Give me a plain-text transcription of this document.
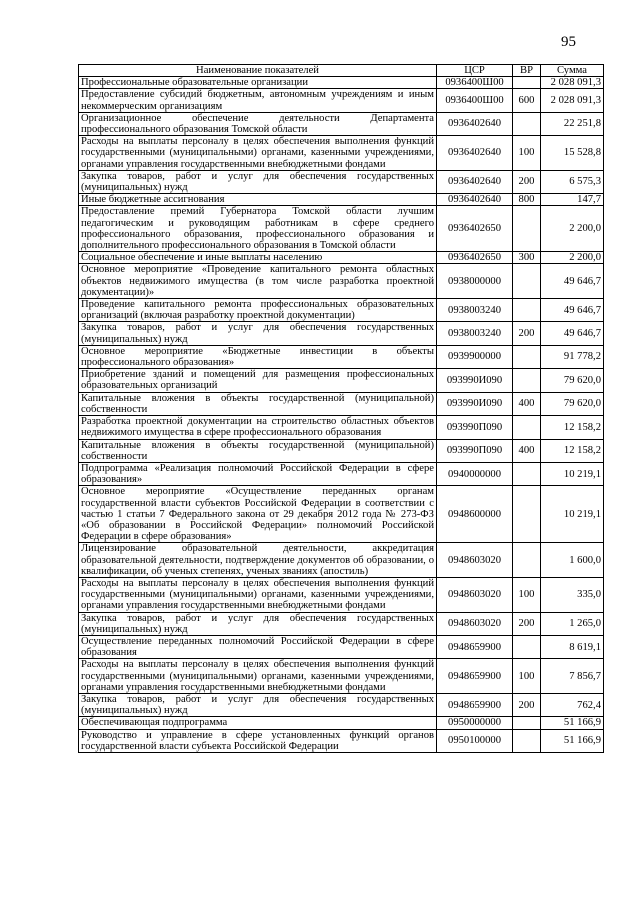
95
Наименование показателей	ЦСР	ВР	Сумма
Профессиональные образовательные организации	0936400Ш00		2 028 091,3
Предоставление субсидий бюджетным, автономным учреждениям и иным некоммерческим организациям	0936400Ш00	600	2 028 091,3
Организационное обеспечение деятельности Департамента профессионального образования Томской области	0936402640		22 251,8
Расходы на выплаты персоналу в целях обеспечения выполнения функций государственными (муниципальными) органами, казенными учреждениями, органами управления государственными внебюджетными фондами	0936402640	100	15 528,8
Закупка товаров, работ и услуг для обеспечения государственных (муниципальных) нужд	0936402640	200	6 575,3
Иные бюджетные ассигнования	0936402640	800	147,7
Предоставление премий Губернатора Томской области лучшим педагогическим и руководящим работникам в сфере среднего профессионального образования, профессионального образования и дополнительного профессионального образования в Томской области	0936402650		2 200,0
Социальное обеспечение и иные выплаты населению	0936402650	300	2 200,0
Основное мероприятие «Проведение капитального ремонта областных объектов недвижимого имущества (в том числе разработка проектной документации)»	0938000000		49 646,7
Проведение капитального ремонта профессиональных образовательных организаций (включая разработку проектной документации)	0938003240		49 646,7
Закупка товаров, работ и услуг для обеспечения государственных (муниципальных) нужд	0938003240	200	49 646,7
Основное мероприятие «Бюджетные инвестиции в объекты профессионального образования»	0939900000		91 778,2
Приобретение зданий и помещений для размещения профессиональных образовательных организаций	093990И090		79 620,0
Капитальные вложения в объекты государственной (муниципальной) собственности	093990И090	400	79 620,0
Разработка проектной документации на строительство областных объектов недвижимого имущества в сфере профессионального образования	093990П090		12 158,2
Капитальные вложения в объекты государственной (муниципальной) собственности	093990П090	400	12 158,2
Подпрограмма «Реализация полномочий Российской Федерации в сфере образования»	0940000000		10 219,1
Основное мероприятие «Осуществление переданных органам государственной власти субъектов Российской Федерации в соответствии с частью 1 статьи 7 Федерального закона от 29 декабря 2012 года № 273-ФЗ «Об образовании в Российской Федерации» полномочий Российской Федерации в сфере образования»	0948600000		10 219,1
Лицензирование образовательной деятельности, аккредитация образовательной деятельности, подтверждение документов об образовании, о квалификации, об ученых степенях, ученых званиях (апостиль)	0948603020		1 600,0
Расходы на выплаты персоналу в целях обеспечения выполнения функций государственными (муниципальными) органами, казенными учреждениями, органами управления государственными внебюджетными фондами	0948603020	100	335,0
Закупка товаров, работ и услуг для обеспечения государственных (муниципальных) нужд	0948603020	200	1 265,0
Осуществление переданных полномочий Российской Федерации в сфере образования	0948659900		8 619,1
Расходы на выплаты персоналу в целях обеспечения выполнения функций государственными (муниципальными) органами, казенными учреждениями, органами управления государственными внебюджетными фондами	0948659900	100	7 856,7
Закупка товаров, работ и услуг для обеспечения государственных (муниципальных) нужд	0948659900	200	762,4
Обеспечивающая подпрограмма	0950000000		51 166,9
Руководство и управление в сфере установленных функций органов государственной власти субъекта Российской Федерации	0950100000		51 166,9
